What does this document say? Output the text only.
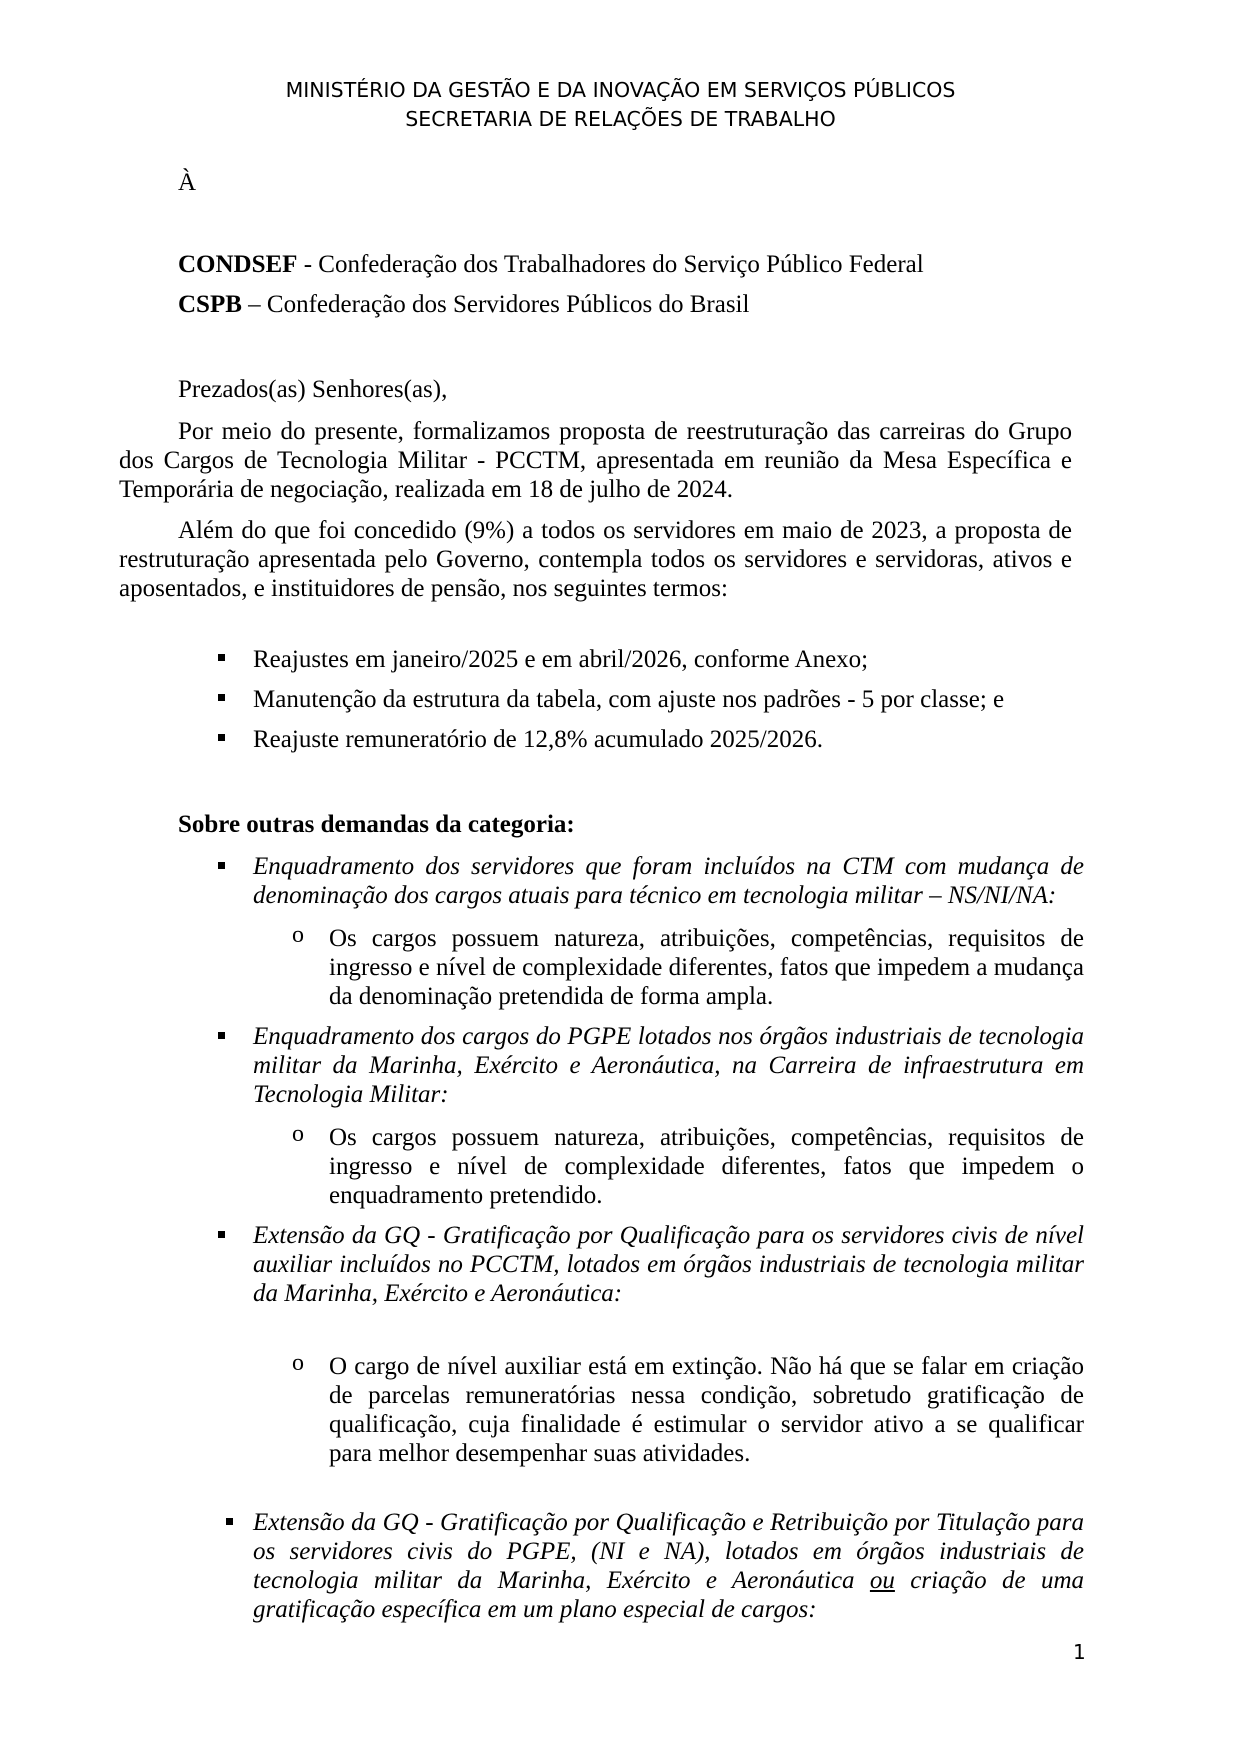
MINISTÉRIO DA GESTÃO E DA INOVAÇÃO EM SERVIÇOS PÚBLICOS
SECRETARIA DE RELAÇÕES DE TRABALHO
À
CONDSEF - Confederação dos Trabalhadores do Serviço Público Federal
CSPB – Confederação dos Servidores Públicos do Brasil
Prezados(as) Senhores(as),
Por meio do presente, formalizamos proposta de reestruturação das carreiras do Grupo dos Cargos de Tecnologia Militar - PCCTM, apresentada em reunião da Mesa Específica e Temporária de negociação, realizada em 18 de julho de 2024.
Além do que foi concedido (9%) a todos os servidores em maio de 2023, a proposta de restruturação apresentada pelo Governo, contempla todos os servidores e servidoras, ativos e aposentados, e instituidores de pensão, nos seguintes termos:
Reajustes em janeiro/2025 e em abril/2026, conforme Anexo;
Manutenção da estrutura da tabela, com ajuste nos padrões - 5 por classe; e
Reajuste remuneratório de 12,8% acumulado 2025/2026.
Sobre outras demandas da categoria:
Enquadramento dos servidores que foram incluídos na CTM com mudança de denominação dos cargos atuais para técnico em tecnologia militar – NS/NI/NA:
o Os cargos possuem natureza, atribuições, competências, requisitos de ingresso e nível de complexidade diferentes, fatos que impedem a mudança da denominação pretendida de forma ampla.
Enquadramento dos cargos do PGPE lotados nos órgãos industriais de tecnologia militar da Marinha, Exército e Aeronáutica, na Carreira de infraestrutura em Tecnologia Militar:
o Os cargos possuem natureza, atribuições, competências, requisitos de ingresso e nível de complexidade diferentes, fatos que impedem o enquadramento pretendido.
Extensão da GQ - Gratificação por Qualificação para os servidores civis de nível auxiliar incluídos no PCCTM, lotados em órgãos industriais de tecnologia militar da Marinha, Exército e Aeronáutica:
o O cargo de nível auxiliar está em extinção. Não há que se falar em criação de parcelas remuneratórias nessa condição, sobretudo gratificação de qualificação, cuja finalidade é estimular o servidor ativo a se qualificar para melhor desempenhar suas atividades.
Extensão da GQ - Gratificação por Qualificação e Retribuição por Titulação para os servidores civis do PGPE, (NI e NA), lotados em órgãos industriais de tecnologia militar da Marinha, Exército e Aeronáutica ou criação de uma gratificação específica em um plano especial de cargos:
1
